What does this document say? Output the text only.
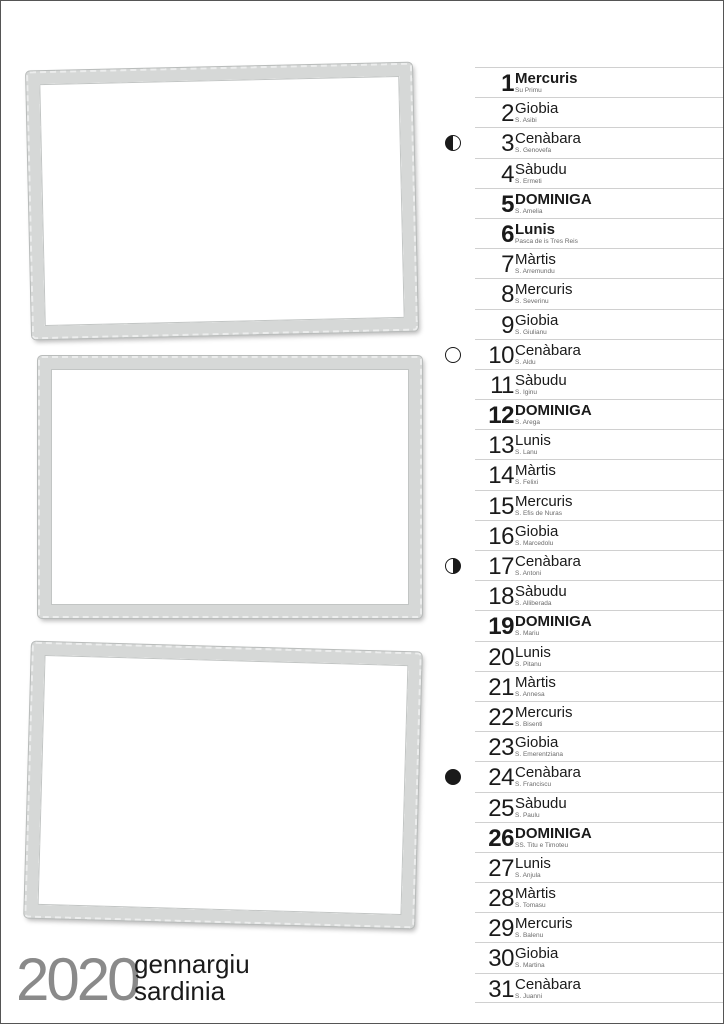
1 Mercuris
Su Primu
2 Giobia
S. Asibi
3 Cenàbara
S. Genovefa
4 Sàbudu
S. Ermeti
5 DOMINIGA
S. Amelia
6 Lunis
Pasca de is Tres Reis
7 Màrtis
S. Arremundu
8 Mercuris
S. Severinu
9 Giobia
S. Giulianu
10 Cenàbara
S. Aldu
11 Sàbudu
S. Iginu
12 DOMINIGA
S. Arega
13 Lunis
S. Lanu
14 Màrtis
S. Felixi
15 Mercuris
S. Efis de Nuras
16 Giobia
S. Marcedolu
17 Cenàbara
S. Antoni
18 Sàbudu
S. Alliberada
19 DOMINIGA
S. Mariu
20 Lunis
S. Pitanu
21 Màrtis
S. Annesa
22 Mercuris
S. Bisenti
23 Giobia
S. Emerentziana
24 Cenàbara
S. Franciscu
25 Sàbudu
S. Paulu
26 DOMINIGA
SS. Titu e Timoteu
27 Lunis
S. Anjula
28 Màrtis
S. Tomasu
29 Mercuris
S. Balenu
30 Giobia
S. Martina
31 Cenàbara
S. Juanni
2020
gennargiu
sardinia
